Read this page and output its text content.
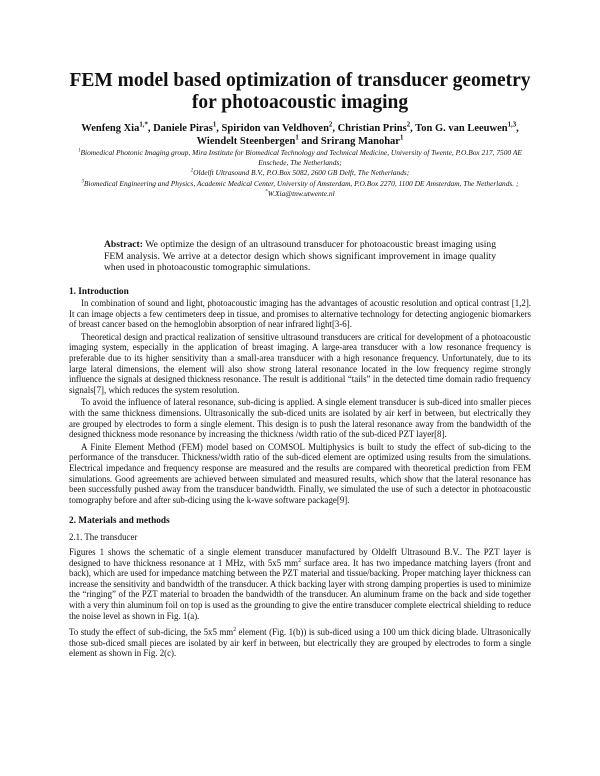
FEM model based optimization of transducer geometry for photoacoustic imaging
Wenfeng Xia$^{1,*}$, Daniele Piras$^1$, Spiridon van Veldhoven$^2$, Christian Prins$^2$, Ton G. van Leeuwen$^{1,3}$, Wiendelt Steenbergen$^1$ and Srirang Manohar$^1$
$^1$Biomedical Photonic Imaging group, Mira Institute for Biomedical Technology and Technical Medicine, University of Twente, P.O.Box 217, 7500 AE Enschede, The Netherlands;
$^2$Oldelft Ultrasound B.V., P.O.Box 5082, 2600 GB Delft, The Netherlands;
$^3$Biomedical Engineering and Physics, Academic Medical Center, University of Amsterdam, P.O.Box 2270, 1100 DE Amsterdam, The Netherlands. ;
*W.Xia@tnw.utwente.nl
Abstract: We optimize the design of an ultrasound transducer for photoacoustic breast imaging using FEM analysis. We arrive at a detector design which shows significant improvement in image quality when used in photoacoustic tomographic simulations.
1. Introduction
In combination of sound and light, photoacoustic imaging has the advantages of acoustic resolution and optical contrast [1,2]. It can image objects a few centimeters deep in tissue, and promises to alternative technology for detecting angiogenic biomarkers of breast cancer based on the hemoglobin absorption of near infrared light[3-6].
Theoretical design and practical realization of sensitive ultrasound transducers are critical for development of a photoacoustic imaging system, especially in the application of breast imaging. A large-area transducer with a low resonance frequency is preferable due to its higher sensitivity than a small-area transducer with a high resonance frequency. Unfortunately, due to its large lateral dimensions, the element will also show strong lateral resonance located in the low frequency regime strongly influence the signals at designed thickness resonance. The result is additional “tails” in the detected time domain radio frequency signals[7], which reduces the system resolution.
To avoid the influence of lateral resonance, sub-dicing is applied. A single element transducer is sub-diced into smaller pieces with the same thickness dimensions. Ultrasonically the sub-diced units are isolated by air kerf in between, but electrically they are grouped by electrodes to form a single element. This design is to push the lateral resonance away from the bandwidth of the designed thickness mode resonance by increasing the thickness /width ratio of the sub-diced PZT layer[8].
A Finite Element Method (FEM) model based on COMSOL Multiphysics is built to study the effect of sub-dicing to the performance of the transducer. Thickness/width ratio of the sub-diced element are optimized using results from the simulations. Electrical impedance and frequency response are measured and the results are compared with theoretical prediction from FEM simulations. Good agreements are achieved between simulated and measured results, which show that the lateral resonance has been successfully pushed away from the transducer bandwidth. Finally, we simulated the use of such a detector in photoacoustic tomography before and after sub-dicing using the k-wave software package[9].
2. Materials and methods
2.1. The transducer
Figures 1 shows the schematic of a single element transducer manufactured by Oldelft Ultrasound B.V.. The PZT layer is designed to have thickness resonance at 1 MHz, with 5x5 $mm^2$ surface area. It has two impedance matching layers (front and back), which are used for impedance matching between the PZT material and tissue/backing. Proper matching layer thickness can increase the sensitivity and bandwidth of the transducer. A thick backing layer with strong damping properties is used to minimize the “ringing” of the PZT material to broaden the bandwidth of the transducer. An aluminum frame on the back and side together with a very thin aluminum foil on top is used as the grounding to give the entire transducer complete electrical shielding to reduce the noise level as shown in Fig. 1(a).
To study the effect of sub-dicing, the 5x5 $mm^2$ element (Fig. 1(b)) is sub-diced using a 100 um thick dicing blade. Ultrasonically those sub-diced small pieces are isolated by air kerf in between, but electrically they are grouped by electrodes to form a single element as shown in Fig. 2(c).
